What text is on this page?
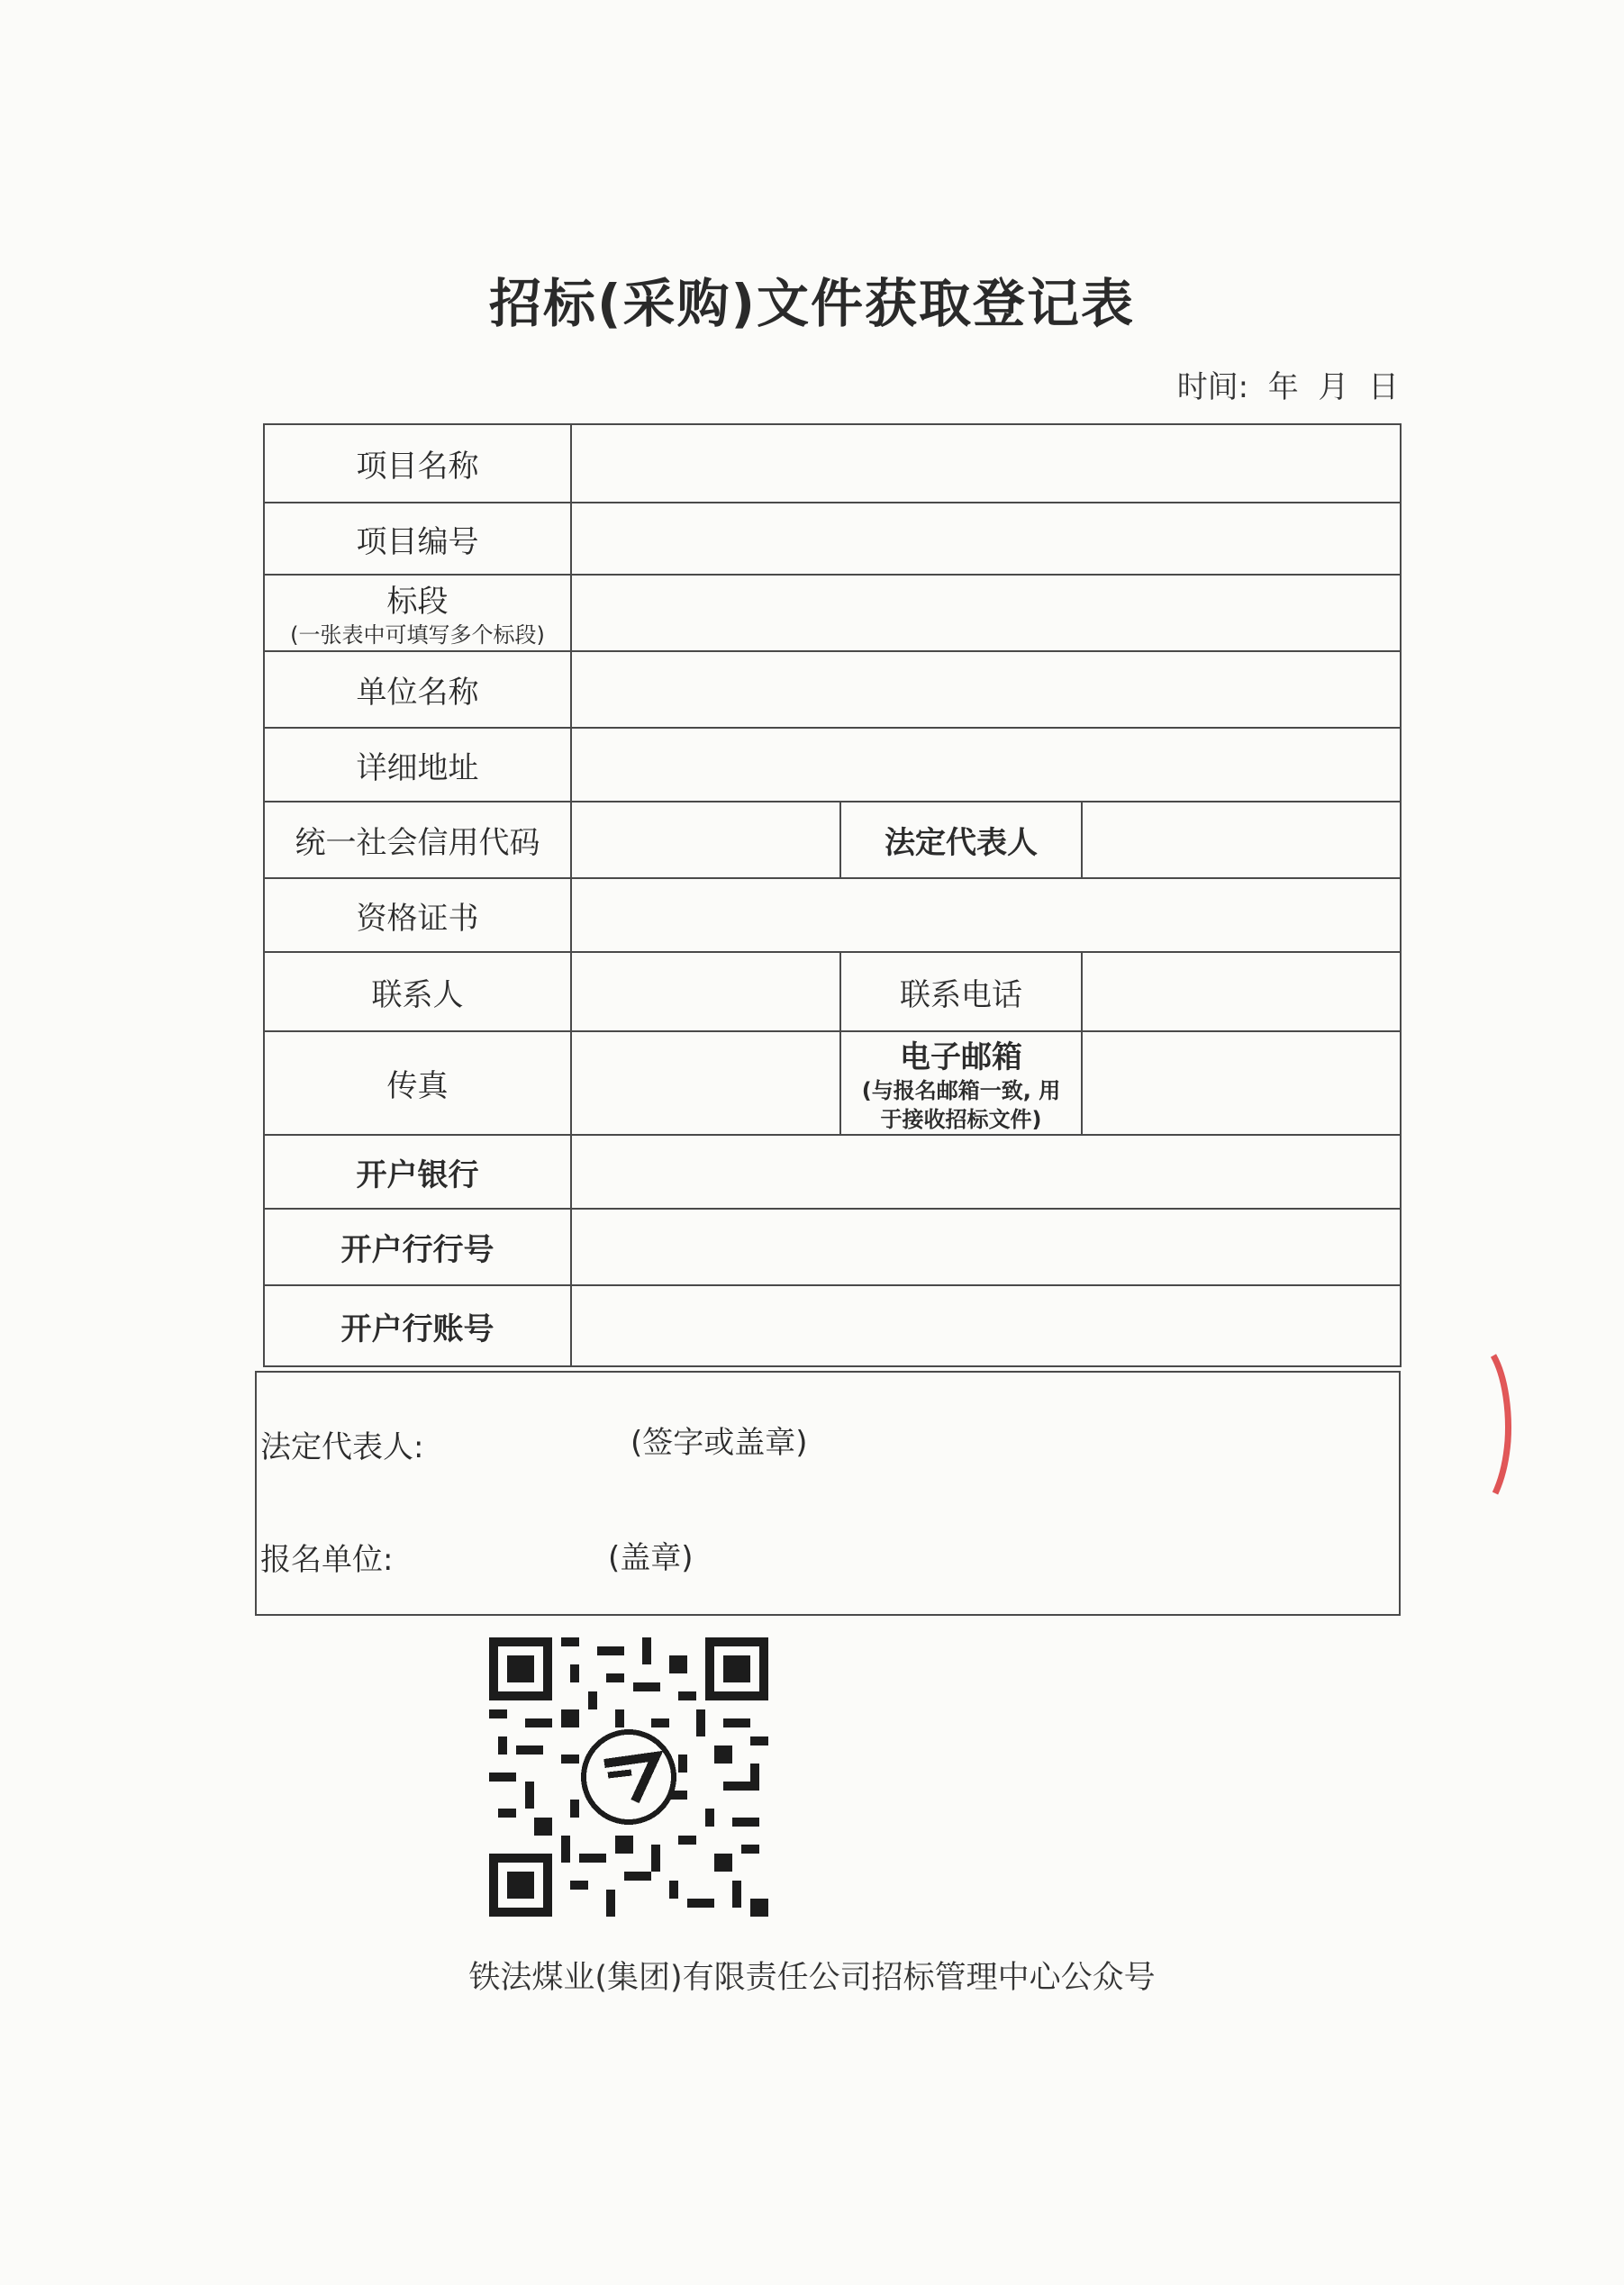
招标(采购)文件获取登记表
时间:  年  月  日
项目名称			
项目编号			
标段
(一张表中可填写多个标段)			

单位名称			
详细地址			
统一社会信用代码		法定代表人	
资格证书			
联系人		联系电话	
传真		电子邮箱
(与报名邮箱一致, 用于接收招标文件)	

开户银行			
开户行行号			
开户行账号			
法定代表人:	(签字或盖章)
报名单位:	(盖章)
铁法煤业(集团)有限责任公司招标管理中心公众号
